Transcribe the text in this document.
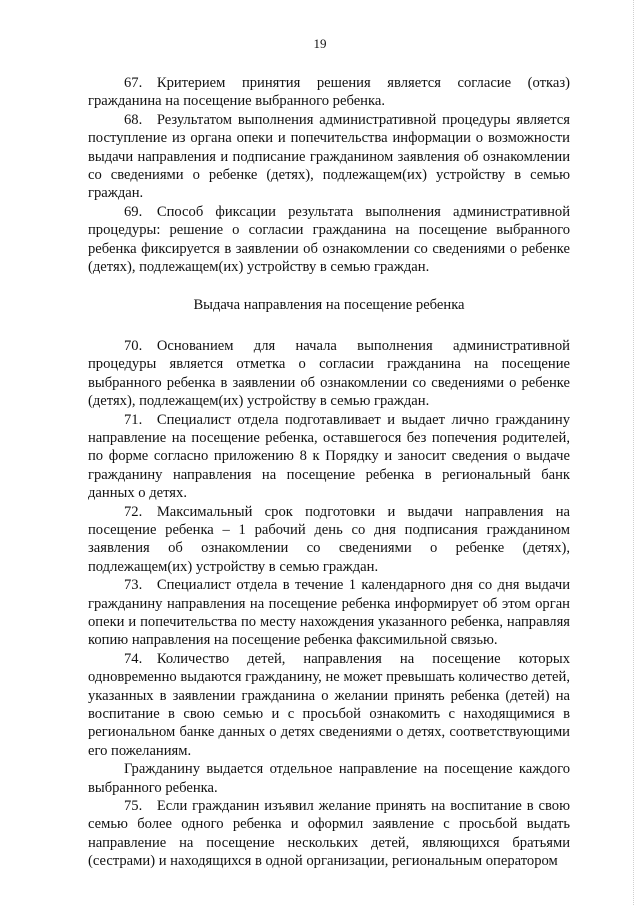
19

67. Критерием принятия решения является согласие (отказ) гражданина на посещение выбранного ребенка.

68. Результатом выполнения административной процедуры является поступление из органа опеки и попечительства информации о возможности выдачи направления и подписание гражданином заявления об ознакомлении со сведениями о ребенке (детях), подлежащем(их) устройству в семью граждан.

69. Способ фиксации результата выполнения административной процедуры: решение о согласии гражданина на посещение выбранного ребенка фиксируется в заявлении об ознакомлении со сведениями о ребенке (детях), подлежащем(их) устройству в семью граждан.

Выдача направления на посещение ребенка

70. Основанием для начала выполнения административной процедуры является отметка о согласии гражданина на посещение выбранного ребенка в заявлении об ознакомлении со сведениями о ребенке (детях), подлежащем(их) устройству в семью граждан.

71. Специалист отдела подготавливает и выдает лично гражданину направление на посещение ребенка, оставшегося без попечения родителей, по форме согласно приложению 8 к Порядку и заносит сведения о выдаче гражданину направления на посещение ребенка в региональный банк данных о детях.

72. Максимальный срок подготовки и выдачи направления на посещение ребенка – 1 рабочий день со дня подписания гражданином заявления об ознакомлении со сведениями о ребенке (детях), подлежащем(их) устройству в семью граждан.

73. Специалист отдела в течение 1 календарного дня со дня выдачи гражданину направления на посещение ребенка информирует об этом орган опеки и попечительства по месту нахождения указанного ребенка, направляя копию направления на посещение ребенка факсимильной связью.

74. Количество детей, направления на посещение которых одновременно выдаются гражданину, не может превышать количество детей, указанных в заявлении гражданина о желании принять ребенка (детей) на воспитание в свою семью и с просьбой ознакомить с находящимися в региональном банке данных о детях сведениями о детях, соответствующими его пожеланиям.

Гражданину выдается отдельное направление на посещение каждого выбранного ребенка.

75. Если гражданин изъявил желание принять на воспитание в свою семью более одного ребенка и оформил заявление с просьбой выдать направление на посещение нескольких детей, являющихся братьями (сестрами) и находящихся в одной организации, региональным оператором
